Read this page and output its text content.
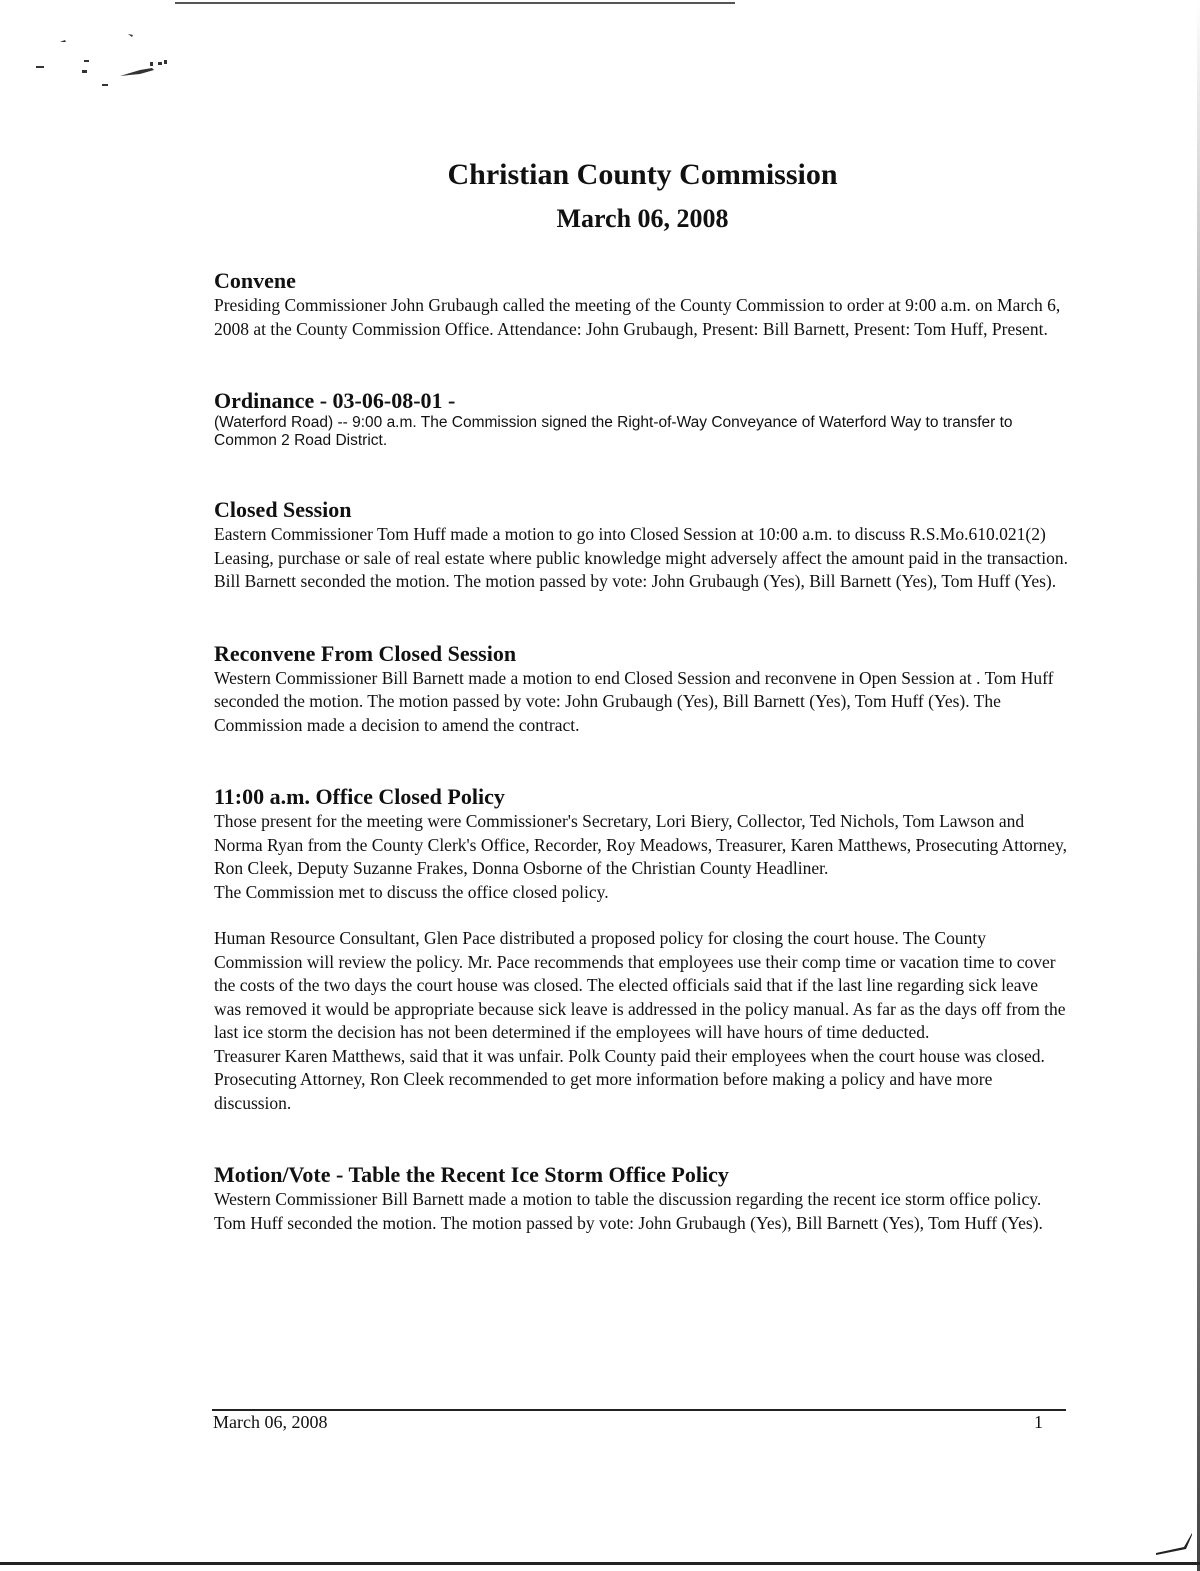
Christian County Commission
March 06, 2008
Convene

Presiding Commissioner John Grubaugh called the meeting of the County Commission to order at 9:00 a.m. on March 6, 2008 at the County Commission Office. Attendance: John Grubaugh, Present: Bill Barnett, Present: Tom Huff, Present.

Ordinance - 03-06-08-01 -

(Waterford Road) -- 9:00 a.m. The Commission signed the Right-of-Way Conveyance of Waterford Way to transfer to Common 2 Road District.

Closed Session

Eastern Commissioner Tom Huff made a motion to go into Closed Session at 10:00 a.m. to discuss R.S.Mo.610.021(2) Leasing, purchase or sale of real estate where public knowledge might adversely affect the amount paid in the transaction. Bill Barnett seconded the motion. The motion passed by vote: John Grubaugh (Yes), Bill Barnett (Yes), Tom Huff (Yes).

Reconvene From Closed Session

Western Commissioner Bill Barnett made a motion to end Closed Session and reconvene in Open Session at . Tom Huff seconded the motion. The motion passed by vote: John Grubaugh (Yes), Bill Barnett (Yes), Tom Huff (Yes). The Commission made a decision to amend the contract.

11:00 a.m. Office Closed Policy

Those present for the meeting were Commissioner's Secretary, Lori Biery, Collector, Ted Nichols, Tom Lawson and Norma Ryan from the County Clerk's Office, Recorder, Roy Meadows, Treasurer, Karen Matthews, Prosecuting Attorney, Ron Cleek, Deputy Suzanne Frakes, Donna Osborne of the Christian County Headliner.

The Commission met to discuss the office closed policy.

Human Resource Consultant, Glen Pace distributed a proposed policy for closing the court house. The County Commission will review the policy. Mr. Pace recommends that employees use their comp time or vacation time to cover the costs of the two days the court house was closed. The elected officials said that if the last line regarding sick leave was removed it would be appropriate because sick leave is addressed in the policy manual. As far as the days off from the last ice storm the decision has not been determined if the employees will have hours of time deducted.

Treasurer Karen Matthews, said that it was unfair. Polk County paid their employees when the court house was closed. Prosecuting Attorney, Ron Cleek recommended to get more information before making a policy and have more discussion.

Motion/Vote - Table the Recent Ice Storm Office Policy

Western Commissioner Bill Barnett made a motion to table the discussion regarding the recent ice storm office policy. Tom Huff seconded the motion. The motion passed by vote: John Grubaugh (Yes), Bill Barnett (Yes), Tom Huff (Yes).

March 06, 2008	1
